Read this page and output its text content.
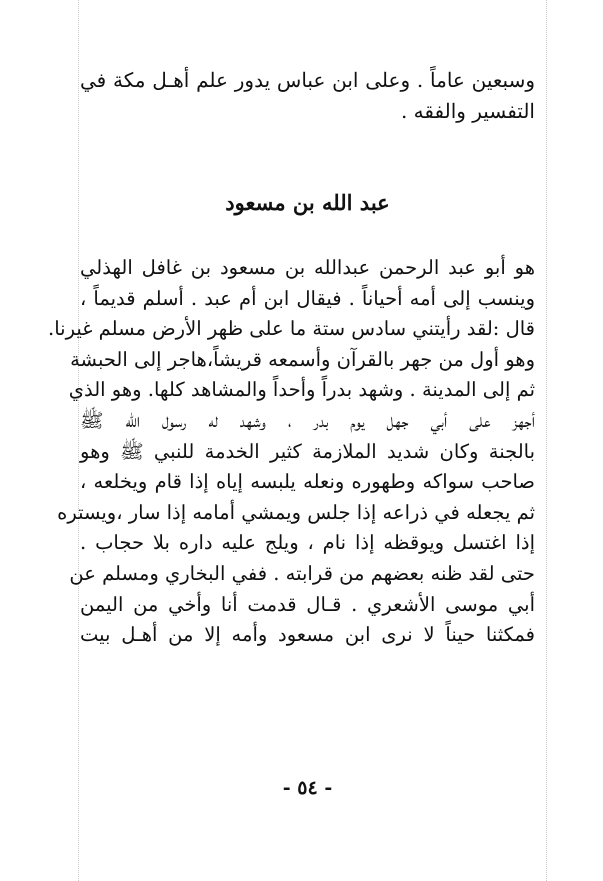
وسبعين عاماً . وعلى ابن عباس يدور علم أهـل مكة في
التفسير والفقه .

عبد الله بن مسعود

هو أبو عبد الرحمن عبدالله بن مسعود بن غافل الهذلي
وينسب إلى أمه أحياناً . فيقال ابن أم عبد . أسلم قديماً ،
قال :لقد رأيتني سادس ستة ما على ظهر الأرض مسلم غيرنا.
وهو أول من جهر بالقرآن وأسمعه قريشاً،هاجر إلى الحبشة
ثم إلى المدينة . وشهد بدراً وأحداً والمشاهد كلها. وهو الذي
أجهز على أبي جهل يوم بدر ، وشهد له رسول الله ﷺ
بالجنة وكان شديد الملازمة كثير الخدمة للنبي ﷺ وهو
صاحب سواكه وطهوره ونعله يلبسه إياه إذا قام ويخلعه ،
ثم يجعله في ذراعه إذا جلس ويمشي أمامه إذا سار ،ويستره
إذا اغتسل ويوقظه إذا نام ، ويلج عليه داره بلا حجاب .
حتى لقد ظنه بعضهم من قرابته . ففي البخاري ومسلم عن
أبي موسى الأشعري . قـال قدمت أنا وأخي من اليمن
فمكثنا حيناً لا نرى ابن مسعود وأمه إلا من أهـل بيت

- ٥٤ -
